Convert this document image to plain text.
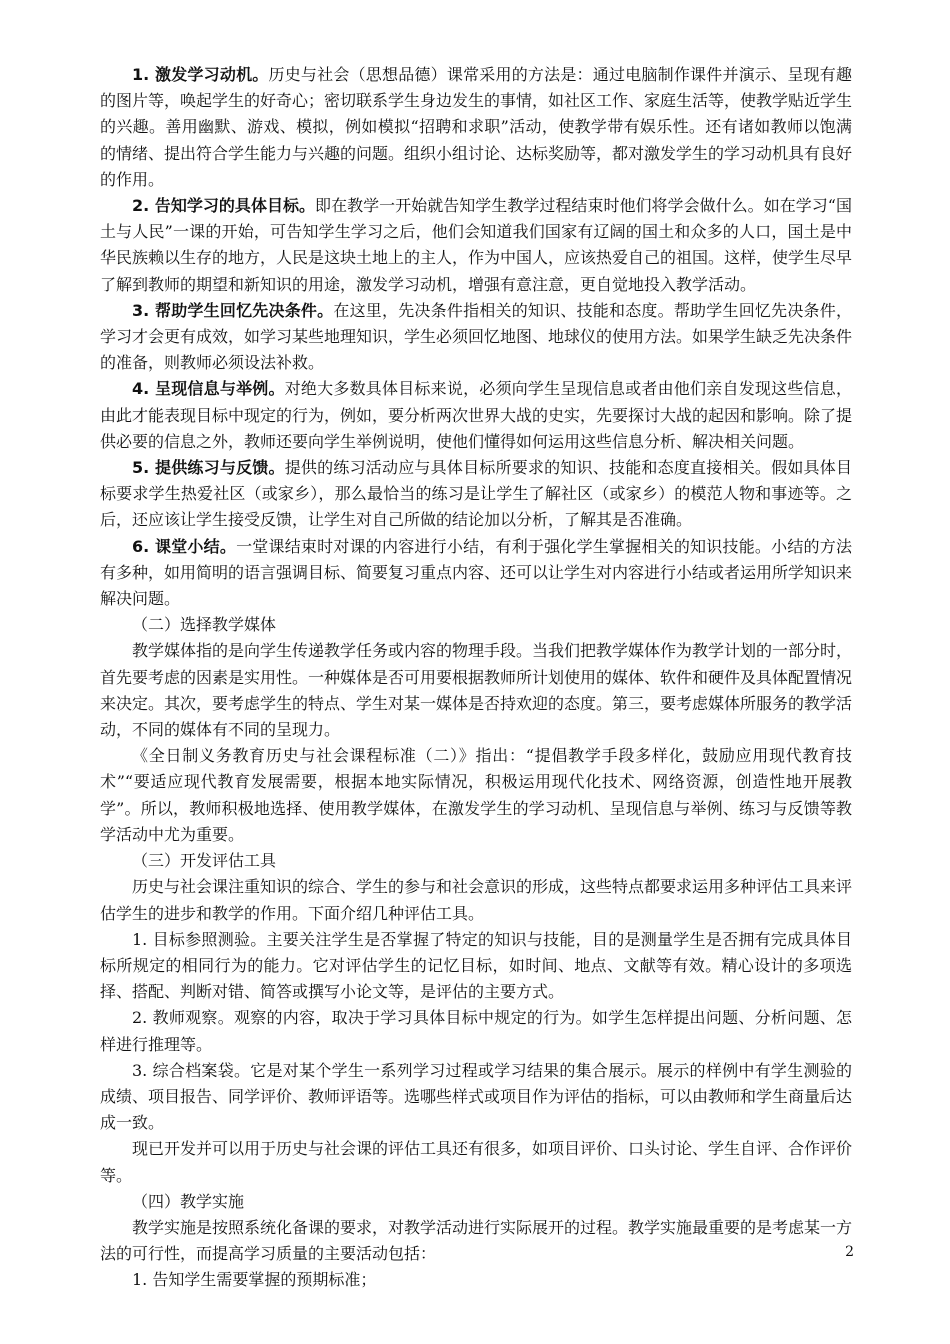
1. 激发学习动机。历史与社会（思想品德）课常采用的方法是：通过电脑制作课件并演示、呈现有趣的图片等，唤起学生的好奇心；密切联系学生身边发生的事情，如社区工作、家庭生活等，使教学贴近学生的兴趣。善用幽默、游戏、模拟，例如模拟“招聘和求职”活动，使教学带有娱乐性。还有诸如教师以饱满的情绪、提出符合学生能力与兴趣的问题。组织小组讨论、达标奖励等，都对激发学生的学习动机具有良好的作用。

2. 告知学习的具体目标。即在教学一开始就告知学生教学过程结束时他们将学会做什么。如在学习“国土与人民”一课的开始，可告知学生学习之后，他们会知道我们国家有辽阔的国土和众多的人口，国土是中华民族赖以生存的地方，人民是这块土地上的主人，作为中国人，应该热爱自己的祖国。这样，使学生尽早了解到教师的期望和新知识的用途，激发学习动机，增强有意注意，更自觉地投入教学活动。

3. 帮助学生回忆先决条件。在这里，先决条件指相关的知识、技能和态度。帮助学生回忆先决条件，学习才会更有成效，如学习某些地理知识，学生必须回忆地图、地球仪的使用方法。如果学生缺乏先决条件的准备，则教师必须设法补救。

4. 呈现信息与举例。对绝大多数具体目标来说，必须向学生呈现信息或者由他们亲自发现这些信息，由此才能表现目标中现定的行为，例如，要分析两次世界大战的史实，先要探讨大战的起因和影响。除了提供必要的信息之外，教师还要向学生举例说明，使他们懂得如何运用这些信息分析、解决相关问题。

5. 提供练习与反馈。提供的练习活动应与具体目标所要求的知识、技能和态度直接相关。假如具体目标要求学生热爱社区（或家乡），那么最恰当的练习是让学生了解社区（或家乡）的模范人物和事迹等。之后，还应该让学生接受反馈，让学生对自己所做的结论加以分析，了解其是否准确。

6. 课堂小结。一堂课结束时对课的内容进行小结，有利于强化学生掌握相关的知识技能。小结的方法有多种，如用简明的语言强调目标、简要复习重点内容、还可以让学生对内容进行小结或者运用所学知识来解决问题。

（二）选择教学媒体

教学媒体指的是向学生传递教学任务或内容的物理手段。当我们把教学媒体作为教学计划的一部分时，首先要考虑的因素是实用性。一种媒体是否可用要根据教师所计划使用的媒体、软件和硬件及具体配置情况来决定。其次，要考虑学生的特点、学生对某一媒体是否持欢迎的态度。第三，要考虑媒体所服务的教学活动，不同的媒体有不同的呈现力。

《全日制义务教育历史与社会课程标准（二）》指出：“提倡教学手段多样化，鼓励应用现代教育技术”“要适应现代教育发展需要，根据本地实际情况，积极运用现代化技术、网络资源，创造性地开展教学”。所以，教师积极地选择、使用教学媒体，在激发学生的学习动机、呈现信息与举例、练习与反馈等教学活动中尤为重要。

（三）开发评估工具

历史与社会课注重知识的综合、学生的参与和社会意识的形成，这些特点都要求运用多种评估工具来评估学生的进步和教学的作用。下面介绍几种评估工具。

1. 目标参照测验。主要关注学生是否掌握了特定的知识与技能，目的是测量学生是否拥有完成具体目标所规定的相同行为的能力。它对评估学生的记忆目标，如时间、地点、文献等有效。精心设计的多项选择、搭配、判断对错、简答或撰写小论文等，是评估的主要方式。

2. 教师观察。观察的内容，取决于学习具体目标中规定的行为。如学生怎样提出问题、分析问题、怎样进行推理等。

3. 综合档案袋。它是对某个学生一系列学习过程或学习结果的集合展示。展示的样例中有学生测验的成绩、项目报告、同学评价、教师评语等。选哪些样式或项目作为评估的指标，可以由教师和学生商量后达成一致。

现已开发并可以用于历史与社会课的评估工具还有很多，如项目评价、口头讨论、学生自评、合作评价等。

（四）教学实施

教学实施是按照系统化备课的要求，对教学活动进行实际展开的过程。教学实施最重要的是考虑某一方法的可行性，而提高学习质量的主要活动包括：

1. 告知学生需要掌握的预期标准；

2
